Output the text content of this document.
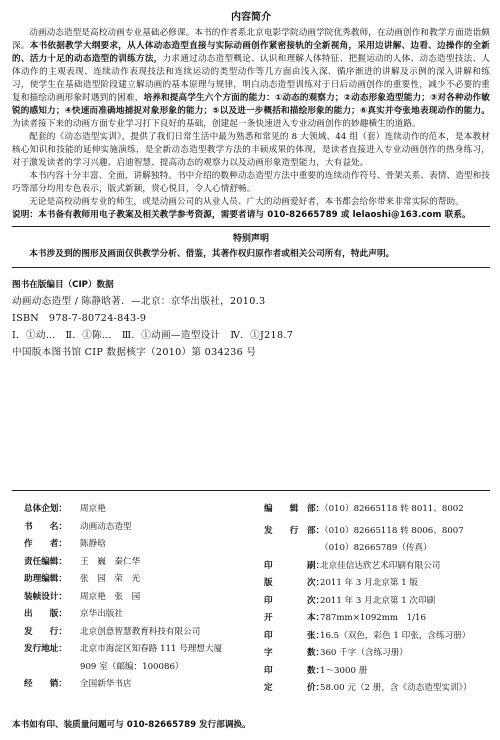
内容简介

动画动态造型是高校动画专业基础必修课。本书的作者系北京电影学院动画学院优秀教师，在动画创作和教学方面造诣颇深。本书依据教学大纲要求，从人体动态造型直接与实际动画创作紧密接轨的全新视角，采用边讲解、边看、边操作的全新的、活力十足的动态造型的训练方法，力求通过动态造型概论、认识和理解人体特征、把握运动的人体、动态造型技法、人体动作的主观表现、连续动作表现技法和连续运动的类型动作等几方面由浅入深、循序渐进的讲解及示例的深入讲解和练习，使学生在基础造型阶段建立解动画的基本原理与规律，明白动态造型训练对于日后动画创作的重要性，减少不必要的重复和描绘动画形象时遇到的困难，培养和提高学生六个方面的能力：①动态的观察力；②动态形象造型能力；③对各种动作敏锐的感知力；④快速而准确地捕捉对象形象的能力；⑤以及进一步概括和描绘形象的能力；⑥真实并夸张地表现动作的能力。为读者接下来的动画方面专业学习打下良好的基础，创建起一条快速进入专业动画创作的妙趣横生的道路。

配套的《动态造型实训》，提供了我们日常生活中最为熟悉和常见的 8 大领域、44 组（套）连续动作的范本，是本教材核心知识和技能的延伸实施演练，是全新动态造型教学方法的丰硕成果的体现，是读者直接进入专业动画创作的热身练习，对于激发读者的学习兴趣、启迪智慧、提高动态的观察力以及动画形象造型能力，大有益处。

本书内容十分丰富、全面，讲解独特。书中介绍的数种动态造型方法中重要的连续动作符号、骨架关系、表情、造型和技巧等部分均用专色表示，版式新颖，赏心悦目，令人心情舒畅。

无论是高校动画专业的师生，或是动画公司的从业人员、广大的动画爱好者，本书都会给你带来非常实际的帮助。

说明：本书备有教师用电子教案及相关教学参考资源，需要者请与 010-82665789 或 lelaoshi@163.com 联系。

特别声明

本书涉及到的图形及画面仅供教学分析、借鉴，其著作权归原作者或相关公司所有，特此声明。

图书在版编目（CIP）数据
动画动态造型 / 陈静晗著．—北京：京华出版社，2010.3
ISBN　978-7-80724-843-9
Ⅰ．①动…　Ⅱ．①陈…　Ⅲ．①动画—造型设计　Ⅳ．①J218.7
中国版本图书馆 CIP 数据核字（2010）第 034236 号
总体企划：	周京艳
书　　名：	动画动态造型
作　　者：	陈静晗
责任编辑：	王　巍　秦仁华
助理编辑：	张　园　荣　光
装帧设计：	周京艳　张　园
出　　版：	京华出版社
发　　行：	北京创意智慧教育科技有限公司
发行地址：	北京市海淀区知春路 111 号理想大厦
909 室（邮编：100086）
经　　销：	全国新华书店
编　　辑　部：
（010）82665118 转 8011、8002
发　　行　部：
（010）82665118 转 8006、8007
（010）82665789（传真）
印　　　　刷：
北京佳信达欣艺术印刷有限公司
版　　　　次：
2011 年 3 月北京第 1 版
印　　　　次：
2011 年 3 月北京第 1 次印刷
开　　　　本：
787mm×1092mm　1/16
印　　　　张：
16.5（双色，彩色 1 印张，含练习册）
字　　　　数：
360 千字（含练习册）
印　　　　数：
1～3000 册
定　　　　价：
58.00 元（2 册，含《动态造型实训》）
本书如有印、装质量问题可与 010-82665789 发行部调换。
